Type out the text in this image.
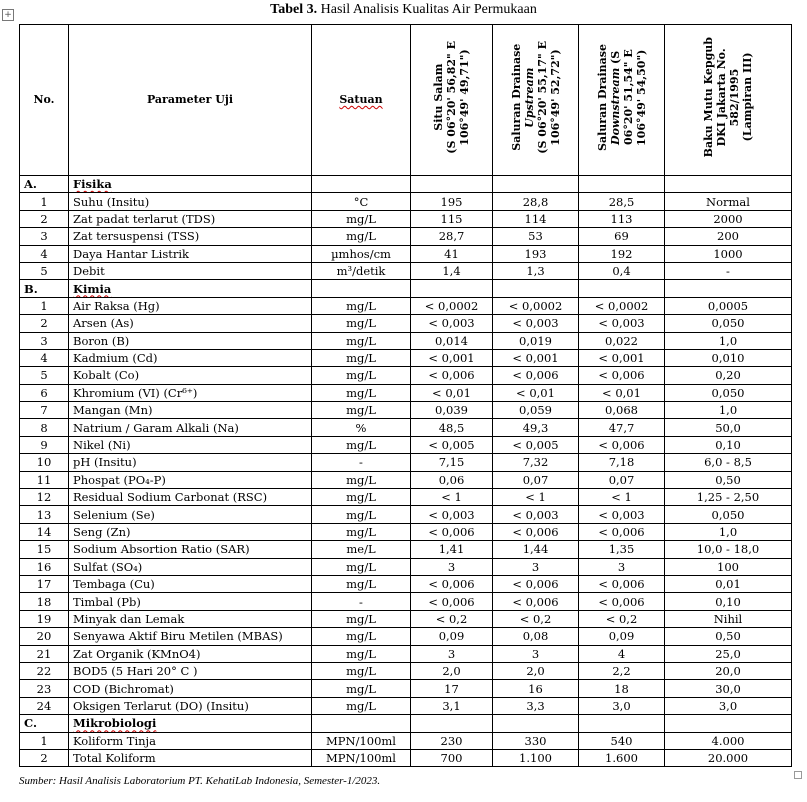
+	Tabel 3. Hasil Analisis Kualitas Air Permukaan
No.	Parameter Uji	Satuan	Situ Salam
(S 06°20' 56,82" E
106°49' 49,71")	Saluran Drainase
Upstream
(S 06°20' 55,17" E
106°49' 52,72")	Saluran Drainase
Downstream (S
06°20' 51,54" E
106°49' 54,50")	Baku Mutu Kepgub
DKI Jakarta No.
582/1995
(Lampiran III)

A.	Fisika					
1	Suhu (Insitu)	°C	195	28,8	28,5	Normal
2	Zat padat terlarut (TDS)	mg/L	115	114	113	2000
3	Zat tersuspensi (TSS)	mg/L	28,7	53	69	200
4	Daya Hantar Listrik	µmhos/cm	41	193	192	1000
5	Debit	m³/detik	1,4	1,3	0,4	-
B.	Kimia					
1	Air Raksa (Hg)	mg/L	< 0,0002	< 0,0002	< 0,0002	0,0005
2	Arsen (As)	mg/L	< 0,003	< 0,003	< 0,003	0,050
3	Boron (B)	mg/L	0,014	0,019	0,022	1,0
4	Kadmium (Cd)	mg/L	< 0,001	< 0,001	< 0,001	0,010
5	Kobalt (Co)	mg/L	< 0,006	< 0,006	< 0,006	0,20
6	Khromium (VI) (Cr⁶⁺)	mg/L	< 0,01	< 0,01	< 0,01	0,050
7	Mangan (Mn)	mg/L	0,039	0,059	0,068	1,0
8	Natrium / Garam Alkali (Na)	%	48,5	49,3	47,7	50,0
9	Nikel (Ni)	mg/L	< 0,005	< 0,005	< 0,006	0,10
10	pH (Insitu)	-	7,15	7,32	7,18	6,0 - 8,5
11	Phospat (PO₄-P)	mg/L	0,06	0,07	0,07	0,50
12	Residual Sodium Carbonat (RSC)	mg/L	< 1	< 1	< 1	1,25 - 2,50
13	Selenium (Se)	mg/L	< 0,003	< 0,003	< 0,003	0,050
14	Seng (Zn)	mg/L	< 0,006	< 0,006	< 0,006	1,0
15	Sodium Absortion Ratio (SAR)	me/L	1,41	1,44	1,35	10,0 - 18,0
16	Sulfat (SO₄)	mg/L	3	3	3	100
17	Tembaga (Cu)	mg/L	< 0,006	< 0,006	< 0,006	0,01
18	Timbal (Pb)	-	< 0,006	< 0,006	< 0,006	0,10
19	Minyak dan Lemak	mg/L	< 0,2	< 0,2	< 0,2	Nihil
20	Senyawa Aktif Biru Metilen (MBAS)	mg/L	0,09	0,08	0,09	0,50
21	Zat Organik (KMnO4)	mg/L	3	3	4	25,0
22	BOD5 (5 Hari 20° C )	mg/L	2,0	2,0	2,2	20,0
23	COD (Bichromat)	mg/L	17	16	18	30,0
24	Oksigen Terlarut (DO) (Insitu)	mg/L	3,1	3,3	3,0	3,0
C.	Mikrobiologi					
1	Koliform Tinja	MPN/100ml	230	330	540	4.000
2	Total Koliform	MPN/100ml	700	1.100	1.600	20.000
Sumber: Hasil Analisis Laboratorium PT. KehatiLab Indonesia, Semester-1/2023.
